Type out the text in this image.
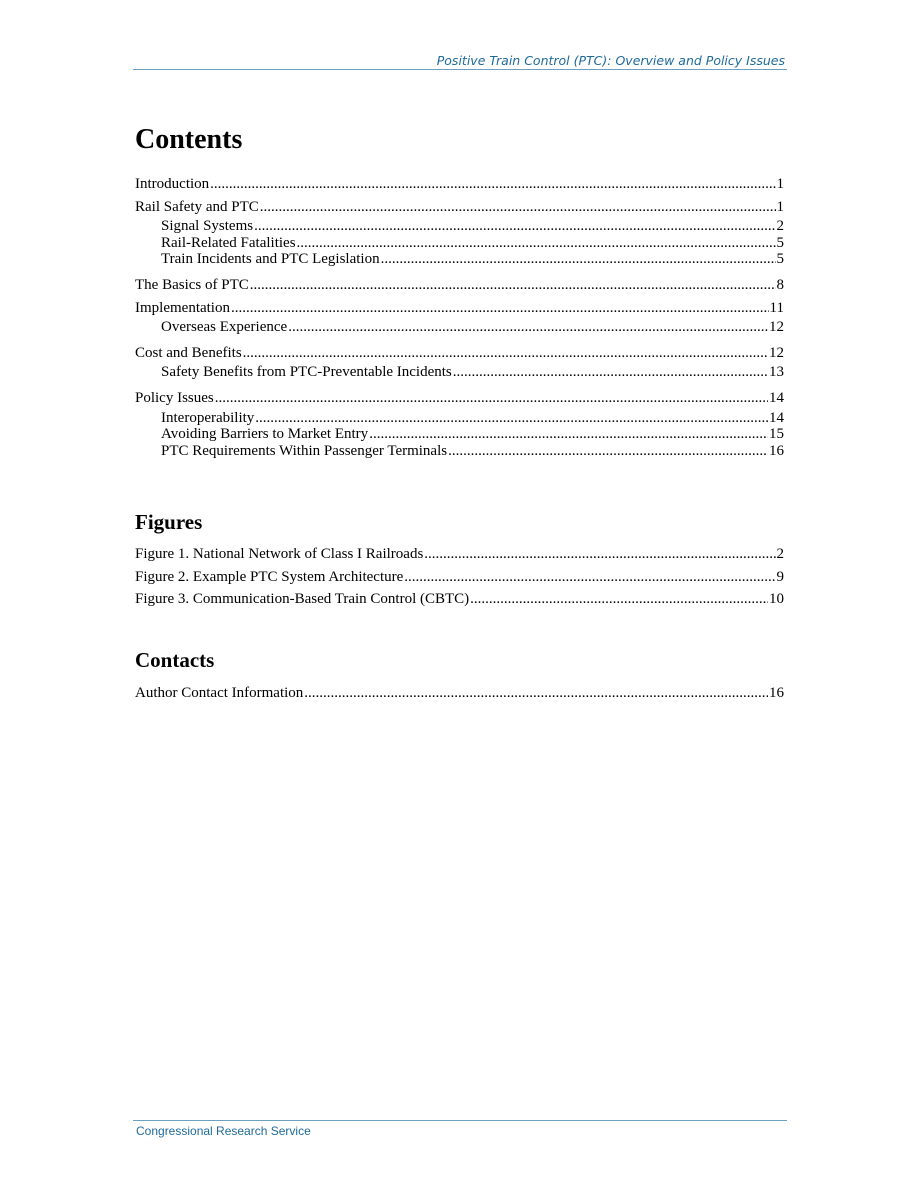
Positive Train Control (PTC): Overview and Policy Issues
Contents
Introduction .....	1
Rail Safety and PTC .....	1
Signal Systems .....	2
Rail-Related Fatalities .....	5
Train Incidents and PTC Legislation .....	5
The Basics of PTC .....	8
Implementation .....	11
Overseas Experience .....	12
Cost and Benefits .....	12
Safety Benefits from PTC-Preventable Incidents .....	13
Policy Issues .....	14
Interoperability .....	14
Avoiding Barriers to Market Entry .....	15
PTC Requirements Within Passenger Terminals .....	16
Figures
Figure 1. National Network of Class I Railroads .....	2
Figure 2. Example PTC System Architecture .....	9
Figure 3. Communication-Based Train Control (CBTC) .....	10
Contacts
Author Contact Information .....	16
Congressional Research Service
